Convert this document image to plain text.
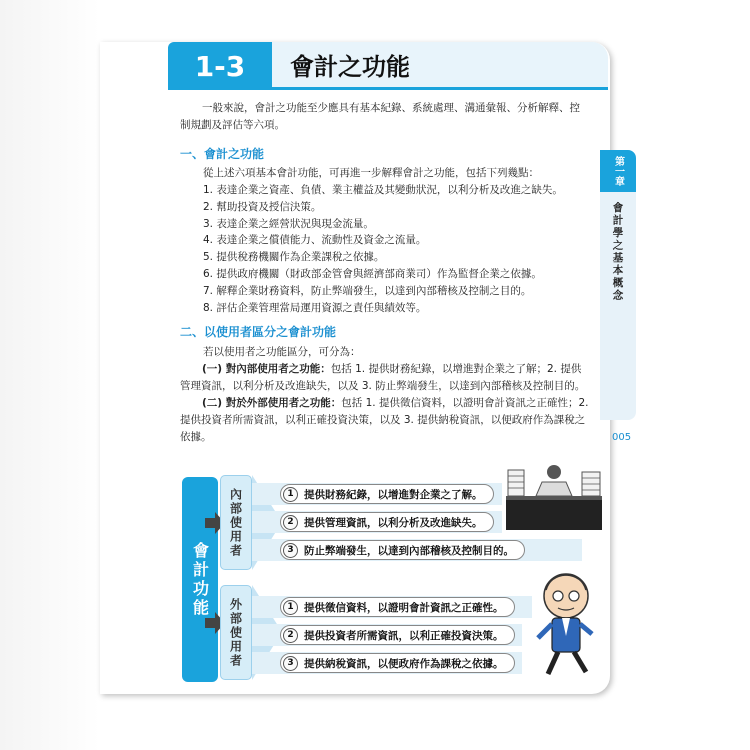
1-3	會計之功能
一般來說，會計之功能至少應具有基本紀錄、系統處理、溝通彙報、分析解釋、控制規劃及評估等六項。
一、會計之功能
從上述六項基本會計功能，可再進一步解釋會計之功能，包括下列幾點：
1. 表達企業之資產、負債、業主權益及其變動狀況，以利分析及改進之缺失。
2. 幫助投資及授信決策。
3. 表達企業之經營狀況與現金流量。
4. 表達企業之償債能力、流動性及資金之流量。
5. 提供稅務機關作為企業課稅之依據。
6. 提供政府機關（財政部金管會與經濟部商業司）作為監督企業之依據。
7. 解釋企業財務資料，防止弊端發生，以達到內部稽核及控制之目的。
8. 評估企業管理當局運用資源之責任與績效等。
二、以使用者區分之會計功能
若以使用者之功能區分，可分為：

(一) 對內部使用者之功能：包括 1. 提供財務紀錄，以增進對企業之了解；2. 提供管理資訊，以利分析及改進缺失，以及 3. 防止弊端發生，以達到內部稽核及控制目的。

(二) 對於外部使用者之功能：包括 1. 提供徵信資料，以證明會計資訊之正確性；2. 提供投資者所需資訊，以利正確投資決策，以及 3. 提供納稅資訊，以便政府作為課稅之依據。

第一章
會計學之基本概念
005
會計功能
內部使用者
外部使用者
1 提供財務紀錄，以增進對企業之了解。
2 提供管理資訊，以利分析及改進缺失。
3 防止弊端發生，以達到內部稽核及控制目的。
1 提供徵信資料，以證明會計資訊之正確性。
2 提供投資者所需資訊，以利正確投資決策。
3 提供納稅資訊，以便政府作為課稅之依據。
